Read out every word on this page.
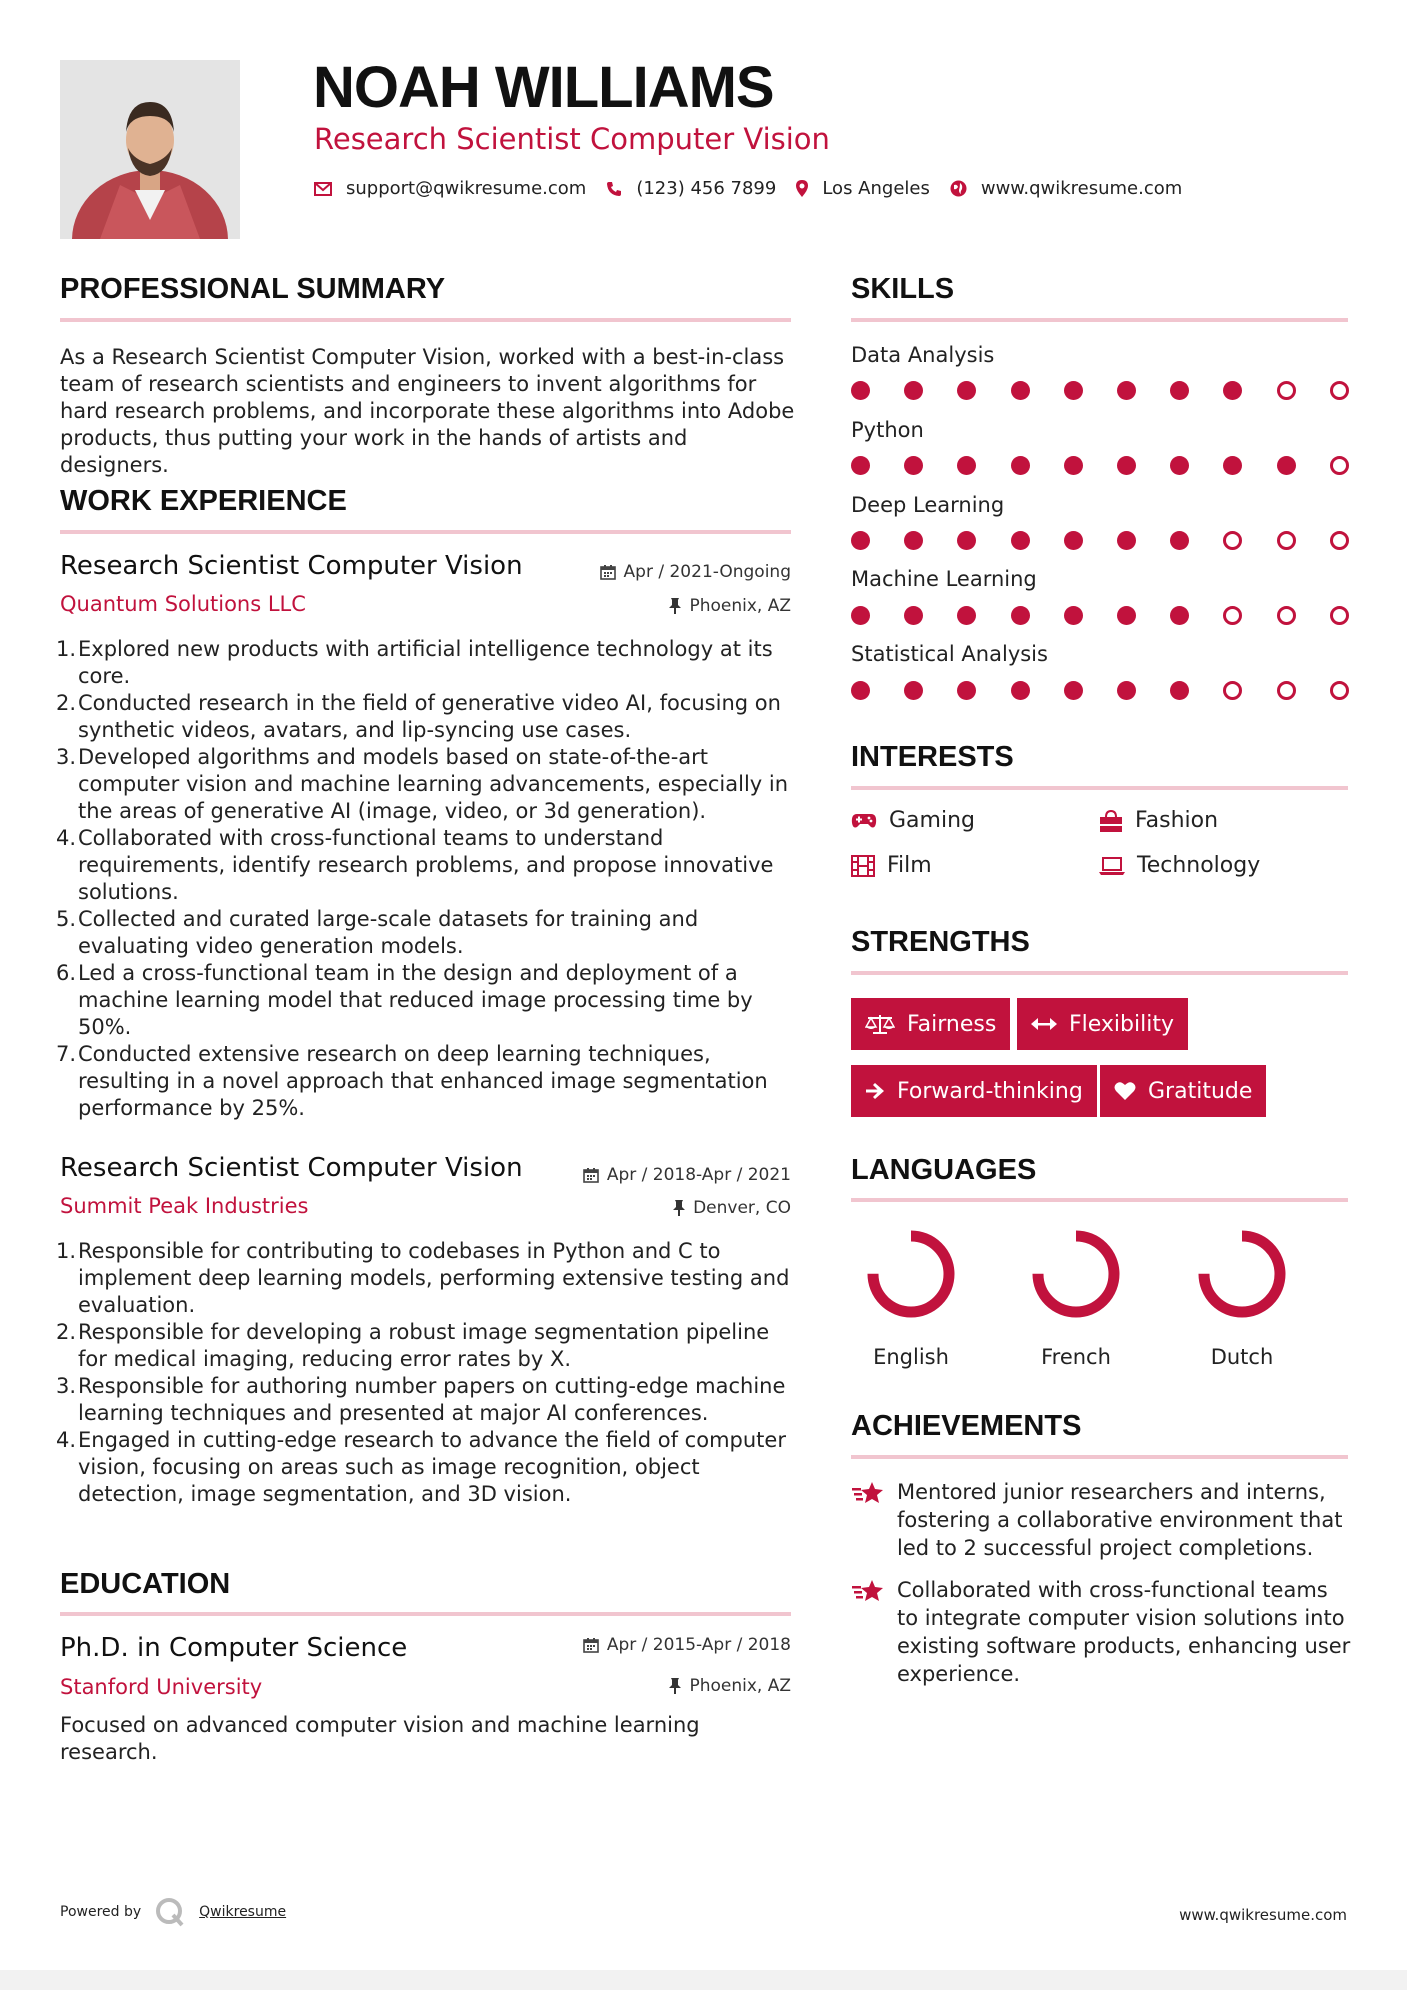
NOAH WILLIAMS
Research Scientist Computer Vision
support@qwikresume.com	(123) 456 7899	Los Angeles	www.qwikresume.com
PROFESSIONAL SUMMARY
As a Research Scientist Computer Vision, worked with a best-in-class team of research scientists and engineers to invent algorithms for hard research problems, and incorporate these algorithms into Adobe products, thus putting your work in the hands of artists and designers.
WORK EXPERIENCE
Research Scientist Computer Vision
Quantum Solutions LLC
Apr / 2021-Ongoing
Phoenix, AZ
1. Explored new products with artificial intelligence technology at its core.
2. Conducted research in the field of generative video AI, focusing on synthetic videos, avatars, and lip-syncing use cases.
3. Developed algorithms and models based on state-of-the-art computer vision and machine learning advancements, especially in the areas of generative AI (image, video, or 3d generation).
4. Collaborated with cross-functional teams to understand requirements, identify research problems, and propose innovative solutions.
5. Collected and curated large-scale datasets for training and evaluating video generation models.
6. Led a cross-functional team in the design and deployment of a machine learning model that reduced image processing time by 50%.
7. Conducted extensive research on deep learning techniques, resulting in a novel approach that enhanced image segmentation performance by 25%.
Research Scientist Computer Vision
Summit Peak Industries
Apr / 2018-Apr / 2021
Denver, CO
1. Responsible for contributing to codebases in Python and C to implement deep learning models, performing extensive testing and evaluation.
2. Responsible for developing a robust image segmentation pipeline for medical imaging, reducing error rates by X.
3. Responsible for authoring number papers on cutting-edge machine learning techniques and presented at major AI conferences.
4. Engaged in cutting-edge research to advance the field of computer vision, focusing on areas such as image recognition, object detection, image segmentation, and 3D vision.
EDUCATION
Ph.D. in Computer Science
Stanford University
Apr / 2015-Apr / 2018
Phoenix, AZ
Focused on advanced computer vision and machine learning research.
SKILLS
Data Analysis
Python
Deep Learning
Machine Learning
Statistical Analysis
INTERESTS
Gaming	Fashion
Film	Technology
STRENGTHS
Fairness	Flexibility
Forward-thinking	Gratitude
LANGUAGES
English	French	Dutch
ACHIEVEMENTS
Mentored junior researchers and interns, fostering a collaborative environment that led to 2 successful project completions.
Collaborated with cross-functional teams to integrate computer vision solutions into existing software products, enhancing user experience.
Powered by	Qwikresume	www.qwikresume.com
